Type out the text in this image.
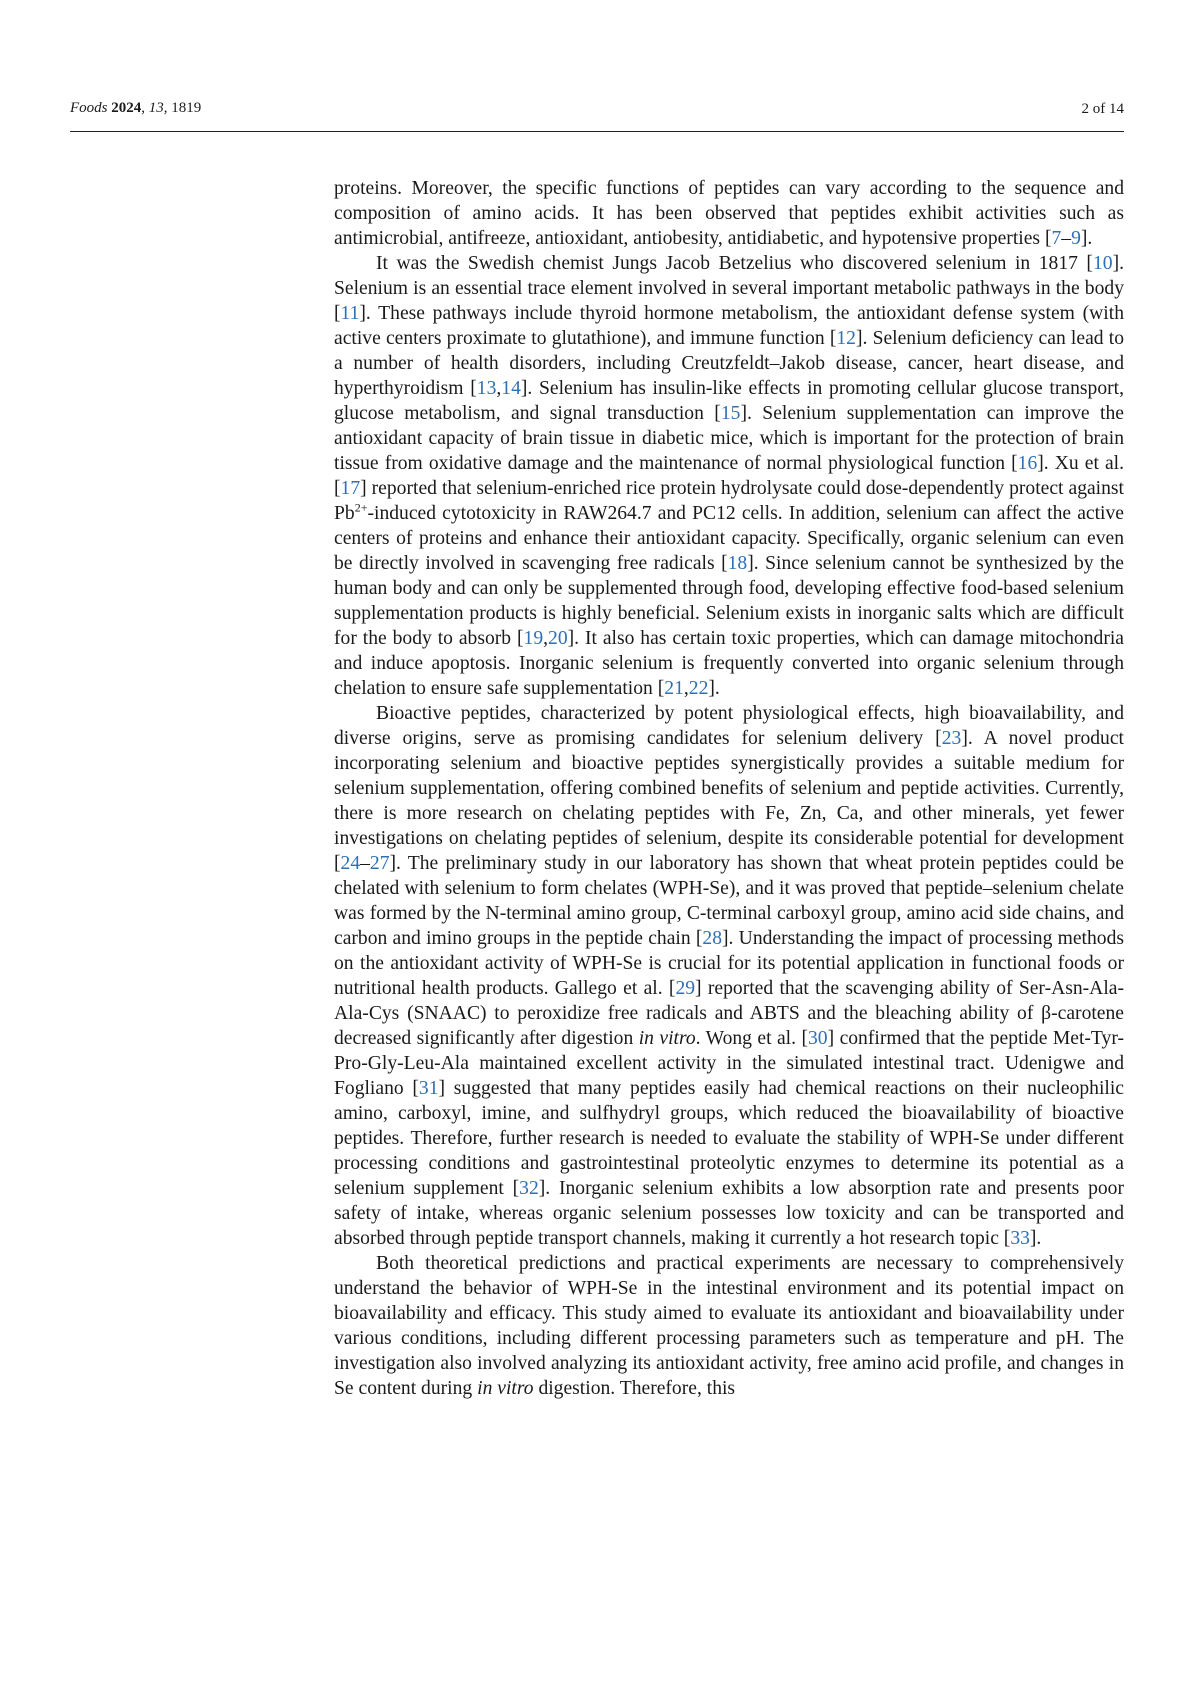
Foods 2024, 13, 1819	2 of 14

proteins. Moreover, the specific functions of peptides can vary according to the sequence and composition of amino acids. It has been observed that peptides exhibit activities such as antimicrobial, antifreeze, antioxidant, antiobesity, antidiabetic, and hypotensive properties [7–9].

It was the Swedish chemist Jungs Jacob Betzelius who discovered selenium in 1817 [10]. Selenium is an essential trace element involved in several important metabolic pathways in the body [11]. These pathways include thyroid hormone metabolism, the antioxidant defense system (with active centers proximate to glutathione), and immune function [12]. Selenium deficiency can lead to a number of health disorders, including Creutzfeldt–Jakob disease, cancer, heart disease, and hyperthyroidism [13,14]. Selenium has insulin-like effects in promoting cellular glucose transport, glucose metabolism, and signal transduction [15]. Selenium supplementation can improve the antioxidant capacity of brain tissue in diabetic mice, which is important for the protection of brain tissue from oxidative damage and the maintenance of normal physiological function [16]. Xu et al. [17] reported that selenium-enriched rice protein hydrolysate could dose-dependently protect against $Pb^{2+}$-induced cytotoxicity in RAW264.7 and PC12 cells. In addition, selenium can affect the active centers of proteins and enhance their antioxidant capacity. Specifically, organic selenium can even be directly involved in scavenging free radicals [18]. Since selenium cannot be synthesized by the human body and can only be supplemented through food, developing effective food-based selenium supplementation products is highly beneficial. Selenium exists in inorganic salts which are difficult for the body to absorb [19,20]. It also has certain toxic properties, which can damage mitochondria and induce apoptosis. Inorganic selenium is frequently converted into organic selenium through chelation to ensure safe supplementation [21,22].

Bioactive peptides, characterized by potent physiological effects, high bioavailability, and diverse origins, serve as promising candidates for selenium delivery [23]. A novel product incorporating selenium and bioactive peptides synergistically provides a suitable medium for selenium supplementation, offering combined benefits of selenium and peptide activities. Currently, there is more research on chelating peptides with Fe, Zn, Ca, and other minerals, yet fewer investigations on chelating peptides of selenium, despite its considerable potential for development [24–27]. The preliminary study in our laboratory has shown that wheat protein peptides could be chelated with selenium to form chelates (WPH-Se), and it was proved that peptide–selenium chelate was formed by the N-terminal amino group, C-terminal carboxyl group, amino acid side chains, and carbon and imino groups in the peptide chain [28]. Understanding the impact of processing methods on the antioxidant activity of WPH-Se is crucial for its potential application in functional foods or nutritional health products. Gallego et al. [29] reported that the scavenging ability of Ser-Asn-Ala-Ala-Cys (SNAAC) to peroxidize free radicals and ABTS and the bleaching ability of β-carotene decreased significantly after digestion in vitro. Wong et al. [30] confirmed that the peptide Met-Tyr-Pro-Gly-Leu-Ala maintained excellent activity in the simulated intestinal tract. Udenigwe and Fogliano [31] suggested that many peptides easily had chemical reactions on their nucleophilic amino, carboxyl, imine, and sulfhydryl groups, which reduced the bioavailability of bioactive peptides. Therefore, further research is needed to evaluate the stability of WPH-Se under different processing conditions and gastrointestinal proteolytic enzymes to determine its potential as a selenium supplement [32]. Inorganic selenium exhibits a low absorption rate and presents poor safety of intake, whereas organic selenium possesses low toxicity and can be transported and absorbed through peptide transport channels, making it currently a hot research topic [33].

Both theoretical predictions and practical experiments are necessary to comprehensively understand the behavior of WPH-Se in the intestinal environment and its potential impact on bioavailability and efficacy. This study aimed to evaluate its antioxidant and bioavailability under various conditions, including different processing parameters such as temperature and pH. The investigation also involved analyzing its antioxidant activity, free amino acid profile, and changes in Se content during in vitro digestion. Therefore, this
